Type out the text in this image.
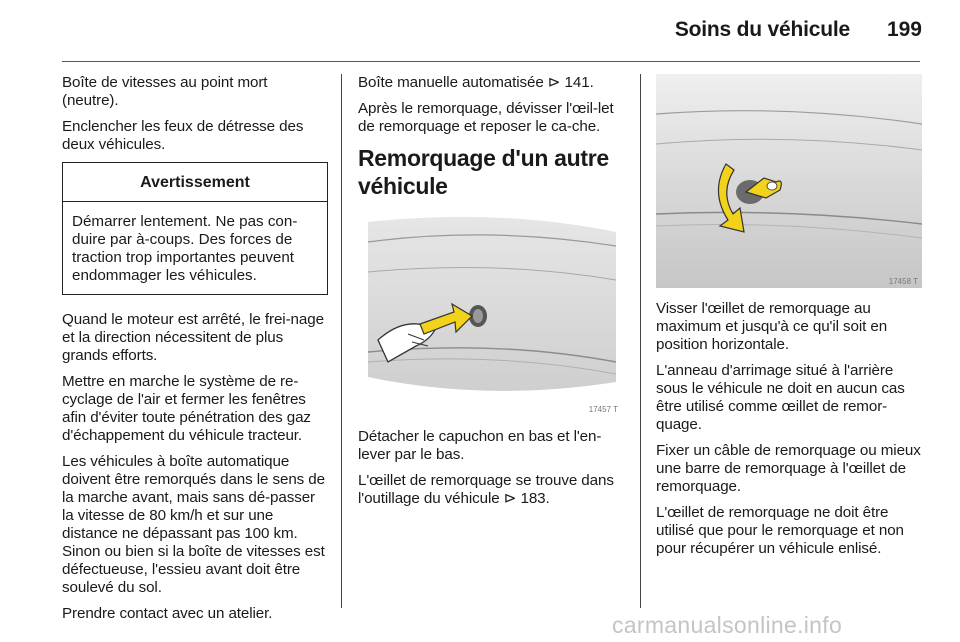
Soins du véhicule	199

Boîte de vitesses au point mort (neutre).

Enclencher les feux de détresse des deux véhicules.

Avertissement
Démarrer lentement. Ne pas con-duire par à-coups. Des forces de traction trop importantes peuvent endommager les véhicules.

Quand le moteur est arrêté, le frei-nage et la direction nécessitent de plus grands efforts.

Mettre en marche le système de re-cyclage de l'air et fermer les fenêtres afin d'éviter toute pénétration des gaz d'échappement du véhicule tracteur.

Les véhicules à boîte automatique doivent être remorqués dans le sens de la marche avant, mais sans dé-passer la vitesse de 80 km/h et sur une distance ne dépassant pas 100 km. Sinon ou bien si la boîte de vitesses est défectueuse, l'essieu avant doit être soulevé du sol.

Prendre contact avec un atelier.

Boîte manuelle automatisée ⊳ 141.

Après le remorquage, dévisser l'œil-let de remorquage et reposer le ca-che.

Remorquage d'un autre véhicule
17457 T

Détacher le capuchon en bas et l'en-lever par le bas.

L'œillet de remorquage se trouve dans l'outillage du véhicule ⊳ 183.

17458 T

Visser l'œillet de remorquage au maximum et jusqu'à ce qu'il soit en position horizontale.

L'anneau d'arrimage situé à l'arrière sous le véhicule ne doit en aucun cas être utilisé comme œillet de remor-quage.

Fixer un câble de remorquage ou mieux une barre de remorquage à l'œillet de remorquage.

L'œillet de remorquage ne doit être utilisé que pour le remorquage et non pour récupérer un véhicule enlisé.

carmanualsonline.info
